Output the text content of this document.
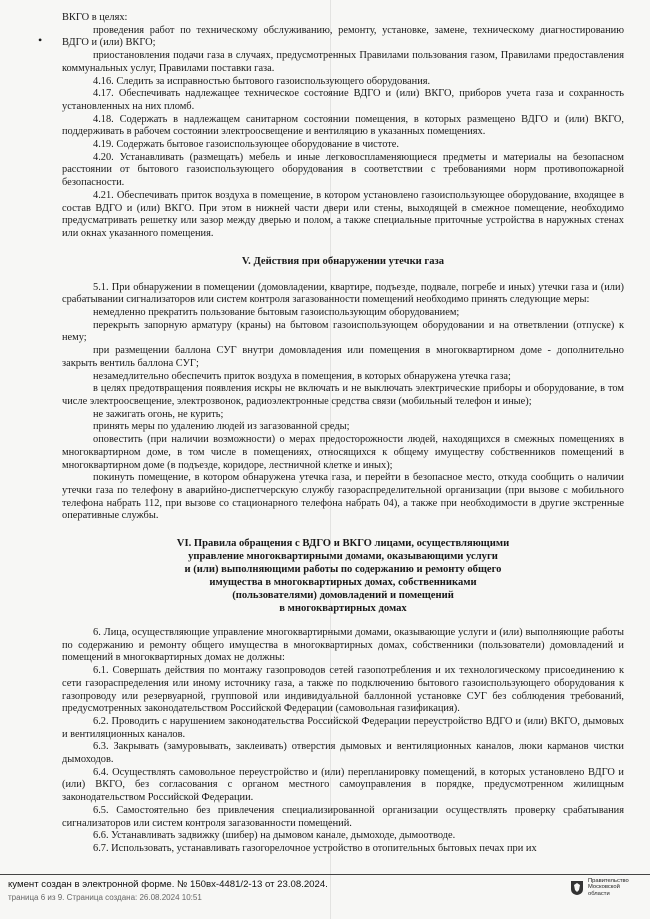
•

ВКГО в целях:

проведения работ по техническому обслуживанию, ремонту, установке, замене, техническому диагностированию ВДГО и (или) ВКГО;

приостановления подачи газа в случаях, предусмотренных Правилами пользования газом, Правилами предоставления коммунальных услуг, Правилами поставки газа.

4.16. Следить за исправностью бытового газоиспользующего оборудования.

4.17. Обеспечивать надлежащее техническое состояние ВДГО и (или) ВКГО, приборов учета газа и сохранность установленных на них пломб.

4.18. Содержать в надлежащем санитарном состоянии помещения, в которых размещено ВДГО и (или) ВКГО, поддерживать в рабочем состоянии электроосвещение и вентиляцию в указанных помещениях.

4.19. Содержать бытовое газоиспользующее оборудование в чистоте.

4.20. Устанавливать (размещать) мебель и иные легковоспламеняющиеся предметы и материалы на безопасном расстоянии от бытового газоиспользующего оборудования в соответствии с требованиями норм противопожарной безопасности.

4.21. Обеспечивать приток воздуха в помещение, в котором установлено газоиспользующее оборудование, входящее в состав ВДГО и (или) ВКГО. При этом в нижней части двери или стены, выходящей в смежное помещение, необходимо предусматривать решетку или зазор между дверью и полом, а также специальные приточные устройства в наружных стенах или окнах указанного помещения.

V. Действия при обнаружении утечки газа

5.1. При обнаружении в помещении (домовладении, квартире, подъезде, подвале, погребе и иных) утечки газа и (или) срабатывании сигнализаторов или систем контроля загазованности помещений необходимо принять следующие меры:

немедленно прекратить пользование бытовым газоиспользующим оборудованием;

перекрыть запорную арматуру (краны) на бытовом газоиспользующем оборудовании и на ответвлении (отпуске) к нему;

при размещении баллона СУГ внутри домовладения или помещения в многоквартирном доме - дополнительно закрыть вентиль баллона СУГ;

незамедлительно обеспечить приток воздуха в помещения, в которых обнаружена утечка газа;

в целях предотвращения появления искры не включать и не выключать электрические приборы и оборудование, в том числе электроосвещение, электрозвонок, радиоэлектронные средства связи (мобильный телефон и иные);

не зажигать огонь, не курить;

принять меры по удалению людей из загазованной среды;

оповестить (при наличии возможности) о мерах предосторожности людей, находящихся в смежных помещениях в многоквартирном доме, в том числе в помещениях, относящихся к общему имуществу собственников помещений в многоквартирном доме (в подъезде, коридоре, лестничной клетке и иных);

покинуть помещение, в котором обнаружена утечка газа, и перейти в безопасное место, откуда сообщить о наличии утечки газа по телефону в аварийно-диспетчерскую службу газораспределительной организации (при вызове с мобильного телефона набрать 112, при вызове со стационарного телефона набрать 04), а также при необходимости в другие экстренные оперативные службы.

VI. Правила обращения с ВДГО и ВКГО лицами, осуществляющими
управление многоквартирными домами, оказывающими услуги
и (или) выполняющими работы по содержанию и ремонту общего
имущества в многоквартирных домах, собственниками
(пользователями) домовладений и помещений
в многоквартирных домах

6. Лица, осуществляющие управление многоквартирными домами, оказывающие услуги и (или) выполняющие работы по содержанию и ремонту общего имущества в многоквартирных домах, собственники (пользователи) домовладений и помещений в многоквартирных домах не должны:

6.1. Совершать действия по монтажу газопроводов сетей газопотребления и их технологическому присоединению к сети газораспределения или иному источнику газа, а также по подключению бытового газоиспользующего оборудования к газопроводу или резервуарной, групповой или индивидуальной баллонной установке СУГ без соблюдения требований, предусмотренных законодательством Российской Федерации (самовольная газификация).

6.2. Проводить с нарушением законодательства Российской Федерации переустройство ВДГО и (или) ВКГО, дымовых и вентиляционных каналов.

6.3. Закрывать (замуровывать, заклеивать) отверстия дымовых и вентиляционных каналов, люки карманов чистки дымоходов.

6.4. Осуществлять самовольное переустройство и (или) перепланировку помещений, в которых установлено ВДГО и (или) ВКГО, без согласования с органом местного самоуправления в порядке, предусмотренном жилищным законодательством Российской Федерации.

6.5. Самостоятельно без привлечения специализированной организации осуществлять проверку срабатывания сигнализаторов или систем контроля загазованности помещений.

6.6. Устанавливать задвижку (шибер) на дымовом канале, дымоходе, дымоотводе.

6.7. Использовать, устанавливать газогорелочное устройство в отопительных бытовых печах при их

кумент создан в электронной форме. № 150вх-4481/2-13 от 23.08.2024.
траница 6 из 9. Страница создана: 26.08.2024 10:51
Правительство
Московской области
